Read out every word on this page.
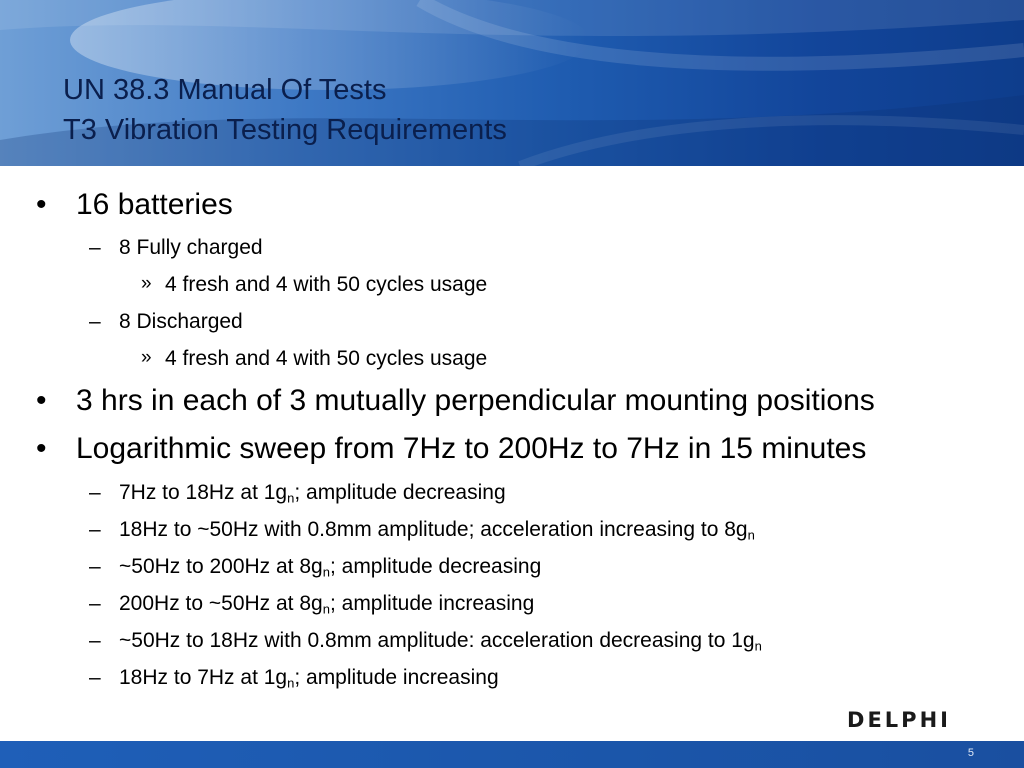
UN 38.3 Manual Of Tests
T3 Vibration Testing Requirements
• 16 batteries
– 8 Fully charged
» 4 fresh and 4 with 50 cycles usage
– 8 Discharged
» 4 fresh and 4 with 50 cycles usage
• 3 hrs in each of 3 mutually perpendicular mounting positions
• Logarithmic sweep from 7Hz to 200Hz to 7Hz in 15 minutes
– 7Hz to 18Hz at $1g_n$; amplitude decreasing
– 18Hz to ~50Hz with 0.8mm amplitude; acceleration increasing to $8g_n$
– ~50Hz to 200Hz at $8g_n$; amplitude decreasing
– 200Hz to ~50Hz at $8g_n$; amplitude increasing
– ~50Hz to 18Hz with 0.8mm amplitude: acceleration decreasing to $1g_n$
– 18Hz to 7Hz at $1g_n$; amplitude increasing
DELPHI
5
